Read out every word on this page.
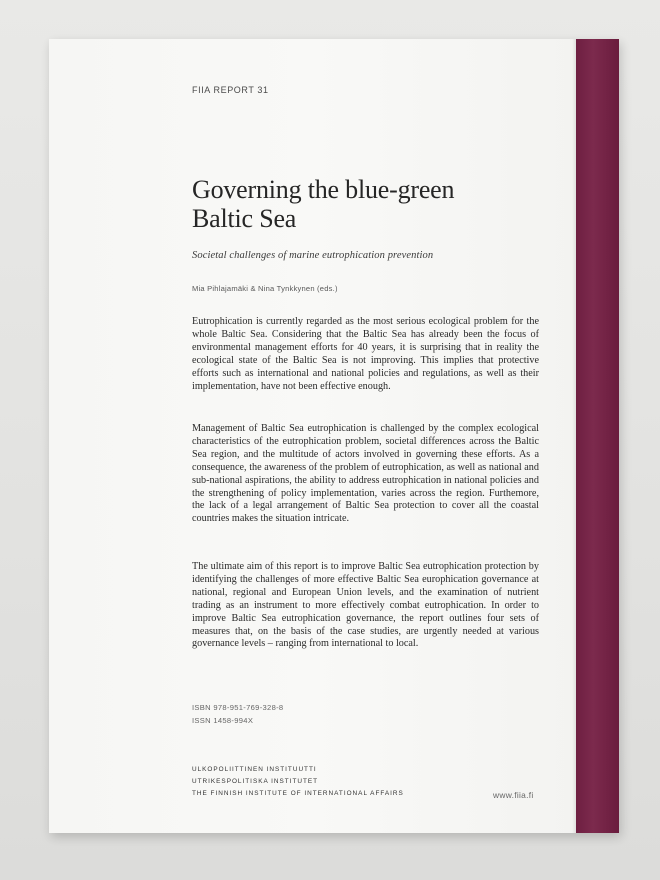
FIIA REPORT 31
Governing the blue-green
Baltic Sea
Societal challenges of marine eutrophication prevention
Mia Pihlajamäki & Nina Tynkkynen (eds.)

Eutrophication is currently regarded as the most serious ecological problem for the whole Baltic Sea. Considering that the Baltic Sea has already been the focus of environmental management efforts for 40 years, it is surprising that in reality the ecological state of the Baltic Sea is not improving. This implies that protective efforts such as international and national policies and regulations, as well as their implementation, have not been effective enough.

Management of Baltic Sea eutrophication is challenged by the complex ecological characteristics of the eutrophication problem, societal differences across the Baltic Sea region, and the multitude of actors involved in governing these efforts. As a consequence, the awareness of the problem of eutrophication, as well as national and sub-national aspirations, the ability to address eutrophication in national policies and the strengthening of policy implementation, varies across the region. Furthemore, the lack of a legal arrangement of Baltic Sea protection to cover all the coastal countries makes the situation intricate.

The ultimate aim of this report is to improve Baltic Sea eutrophication protection by identifying the challenges of more effective Baltic Sea europhication governance at national, regional and European Union levels, and the examination of nutrient trading as an instrument to more effectively combat eutrophication. In order to improve Baltic Sea eutrophication governance, the report outlines four sets of measures that, on the basis of the case studies, are urgently needed at various governance levels – ranging from international to local.

ISBN 978-951-769-328-8
ISSN 1458-994X
ULKOPOLIITTINEN INSTITUUTTI
UTRIKESPOLITISKA INSTITUTET
THE FINNISH INSTITUTE OF INTERNATIONAL AFFAIRS	www.fiia.fi
